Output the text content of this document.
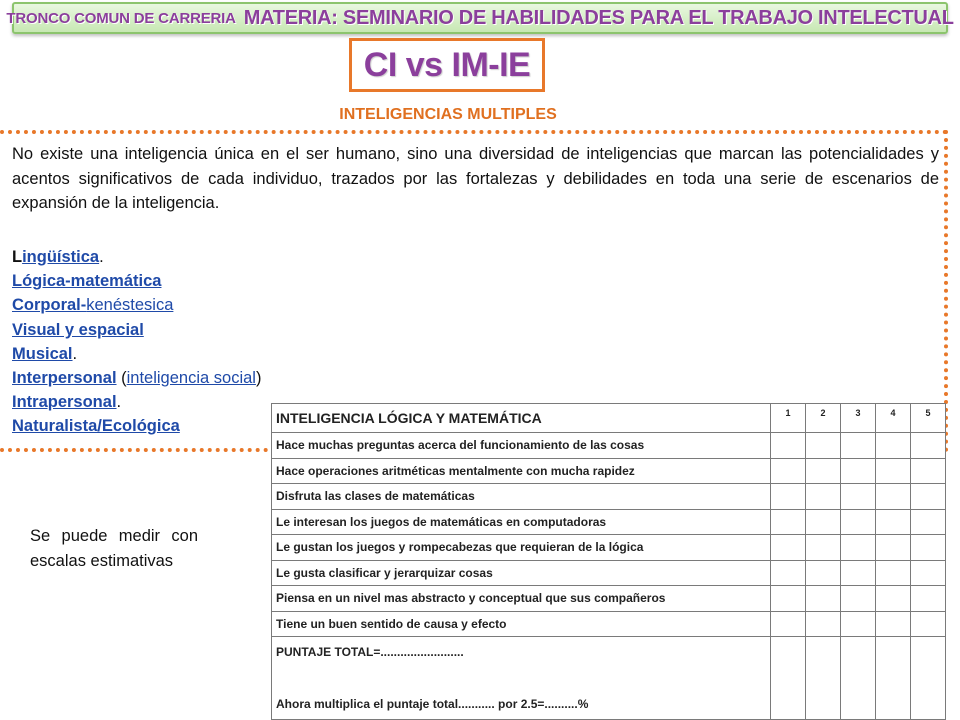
TRONCO COMUN DE CARRERIA MATERIA: SEMINARIO DE HABILIDADES PARA EL TRABAJO INTELECTUAL
CI vs IM-IE
INTELIGENCIAS MULTIPLES
No existe una inteligencia única en el ser humano, sino una diversidad de inteligencias que marcan las potencialidades y acentos significativos de cada individuo, trazados por las fortalezas y debilidades en toda una serie de escenarios de expansión de la inteligencia.
Lingüística.
Lógica-matemática
Corporal-kenéstesica
Visual y espacial
Musical.
Interpersonal (inteligencia social)
Intrapersonal.
Naturalista/Ecológica
Se puede medir con escalas estimativas
INTELIGENCIA LÓGICA Y MATEMÁTICA	1	2	3	4	5
Hace muchas preguntas acerca del funcionamiento de las cosas					
Hace operaciones aritméticas mentalmente con mucha rapidez					
Disfruta las clases de matemáticas					
Le interesan los juegos de matemáticas en computadoras					
Le gustan los juegos y rompecabezas que requieran de la lógica					
Le gusta clasificar y jerarquizar cosas					
Piensa en un nivel mas abstracto y conceptual que sus compañeros					
Tiene un buen sentido de causa y efecto					

PUNTAJE TOTAL=.........................
Ahora multiplica el puntaje total........... por 2.5=..........%					
